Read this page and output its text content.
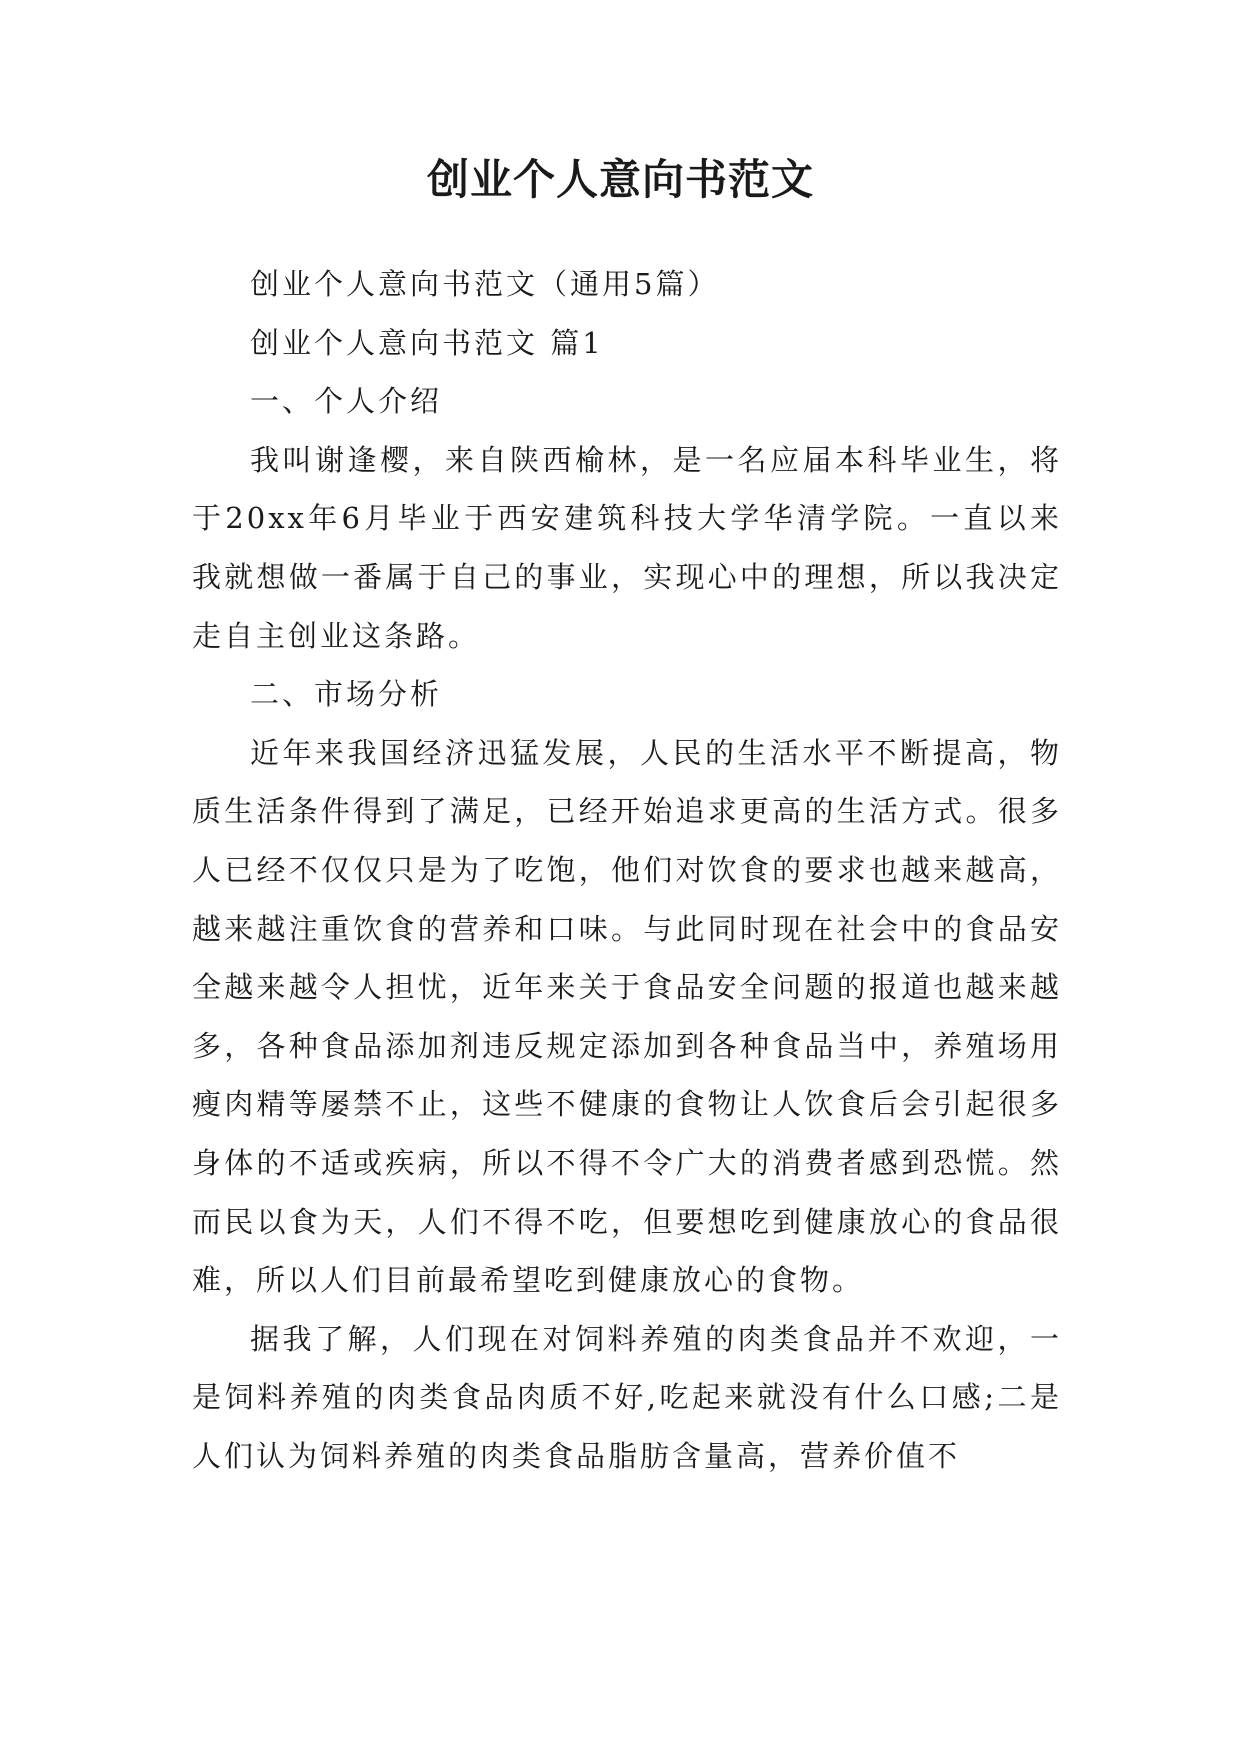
创业个人意向书范文

创业个人意向书范文（通用5篇）

创业个人意向书范文 篇1

一、个人介绍

我叫谢逢樱，来自陕西榆林，是一名应届本科毕业生，将于20xx年6月毕业于西安建筑科技大学华清学院。一直以来我就想做一番属于自己的事业，实现心中的理想，所以我决定走自主创业这条路。

二、市场分析

近年来我国经济迅猛发展，人民的生活水平不断提高，物质生活条件得到了满足，已经开始追求更高的生活方式。很多人已经不仅仅只是为了吃饱，他们对饮食的要求也越来越高，越来越注重饮食的营养和口味。与此同时现在社会中的食品安全越来越令人担忧，近年来关于食品安全问题的报道也越来越多，各种食品添加剂违反规定添加到各种食品当中，养殖场用瘦肉精等屡禁不止，这些不健康的食物让人饮食后会引起很多身体的不适或疾病，所以不得不令广大的消费者感到恐慌。然而民以食为天，人们不得不吃，但要想吃到健康放心的食品很难，所以人们目前最希望吃到健康放心的食物。

据我了解，人们现在对饲料养殖的肉类食品并不欢迎，一是饲料养殖的肉类食品肉质不好,吃起来就没有什么口感;二是人们认为饲料养殖的肉类食品脂肪含量高，营养价值不
